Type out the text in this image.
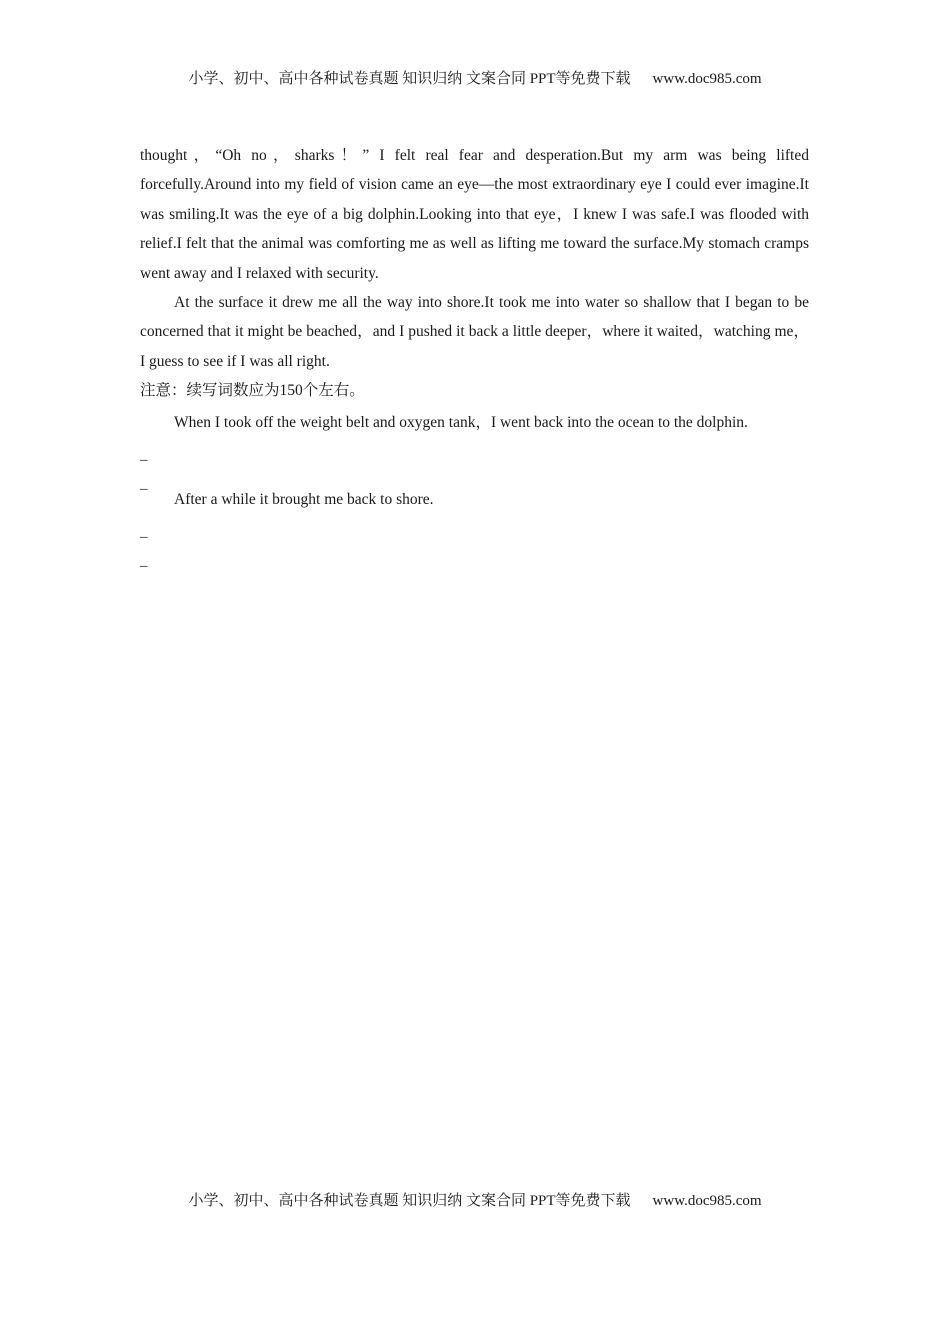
小学、初中、高中各种试卷真题 知识归纳 文案合同 PPT等免费下载 www.doc985.com

thought，“Oh no，sharks！” I felt real fear and desperation.But my arm was being lifted forcefully.Around into my field of vision came an eye—the most extraordinary eye I could ever imagine.It was smiling.It was the eye of a big dolphin.Looking into that eye，I knew I was safe.I was flooded with relief.I felt that the animal was comforting me as well as lifting me toward the surface.My stomach cramps went away and I relaxed with security.

At the surface it drew me all the way into shore.It took me into water so shallow that I began to be concerned that it might be beached，and I pushed it back a little deeper，where it waited，watching me，I guess to see if I was all right.

注意：续写词数应为150个左右。

When I took off the weight belt and oxygen tank，I went back into the ocean to the dolphin.

_
_

After a while it brought me back to shore.

_
_
小学、初中、高中各种试卷真题 知识归纳 文案合同 PPT等免费下载 www.doc985.com
